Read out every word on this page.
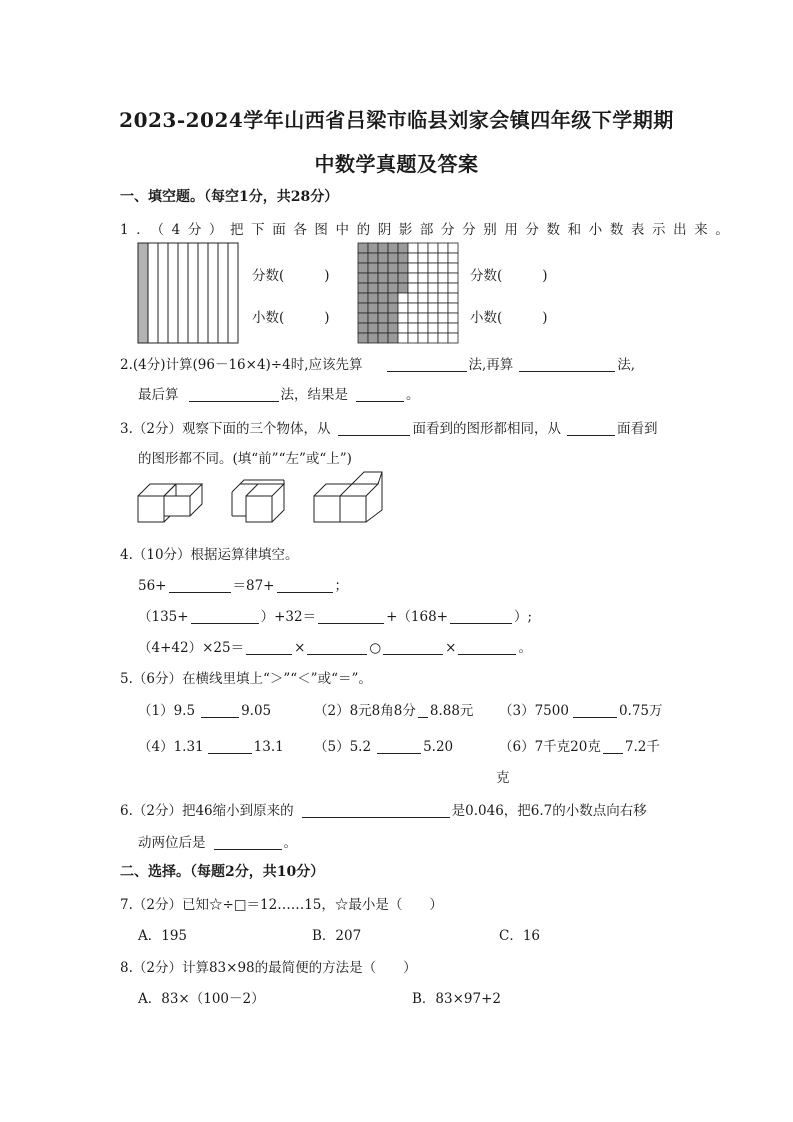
2023-2024学年山西省吕梁市临县刘家会镇四年级下学期期
中数学真题及答案
一、填空题。（每空1分，共28分）
1．（4分）把下面各图中的阴影部分分别用分数和小数表示出来。
分数(	)
小数(	)
分数(	)
小数(	)
2.(4分)计算(96－16×4)÷4时,应该先算	法,再算	法,
最后算	法，结果是	。
3.（2分）观察下面的三个物体，从	面看到的图形都相同，从	面看到
的图形都不同。(填“前”“左”或“上”)
4.（10分）根据运算律填空。
56+	＝87+	；
（135+	）+32＝	+（168+	）;
（4+42）×25＝	×	○	×	。
5.（6分）在横线里填上“＞”“＜”或“＝”。
（1）9.5	9.05	（2）8元8角8分 8.88元 （3）7500	0.75万
（4）1.31	13.1 （5）5.2	5.20	（6）7千克20克 7.2千
克
6.（2分）把46缩小到原来的	是0.046，把6.7的小数点向右移
动两位后是	。
二、选择。（每题2分，共10分）
7.（2分）已知☆÷□＝12……15，☆最小是（　　）
A．195	B．207	C．16
8.（2分）计算83×98的最简便的方法是（　　）
A．83×（100－2）	B．83×97+2
